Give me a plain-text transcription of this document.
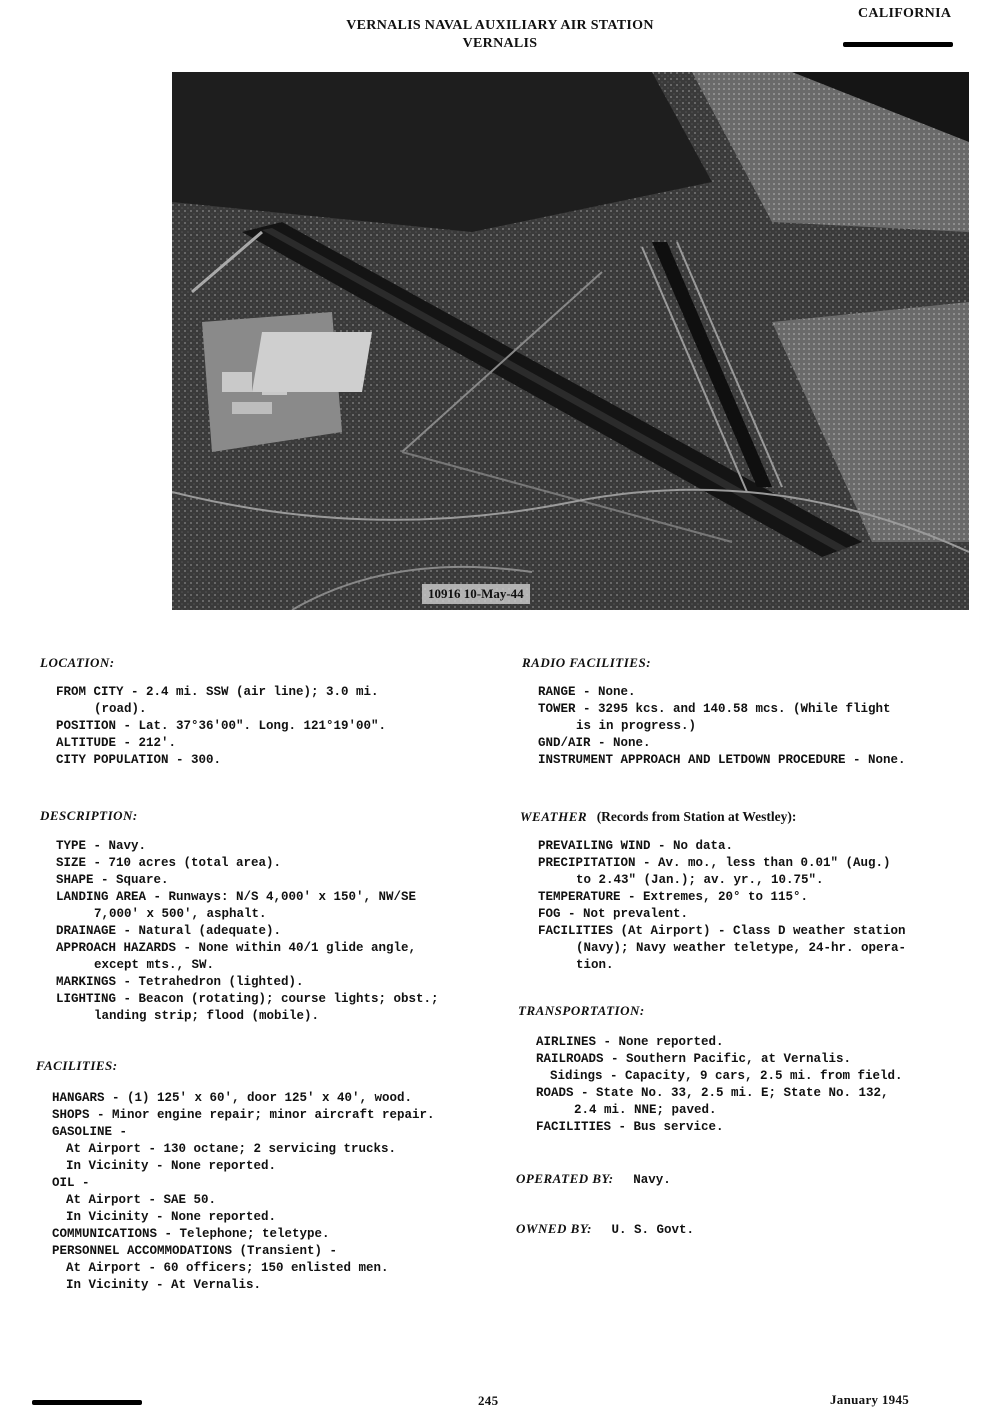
VERNALIS NAVAL AUXILIARY AIR STATION
VERNALIS
CALIFORNIA
10916 10-May-44
LOCATION:
FROM CITY - 2.4 mi. SSW (air line); 3.0 mi.
(road).
POSITION - Lat. 37°36'00". Long. 121°19'00".
ALTITUDE - 212'.
CITY POPULATION - 300.
RADIO FACILITIES:
RANGE - None.
TOWER - 3295 kcs. and 140.58 mcs. (While flight
is in progress.)
GND/AIR - None.
INSTRUMENT APPROACH AND LETDOWN PROCEDURE - None.
DESCRIPTION:
TYPE - Navy.
SIZE - 710 acres (total area).
SHAPE - Square.
LANDING AREA - Runways: N/S 4,000' x 150', NW/SE
7,000' x 500', asphalt.
DRAINAGE - Natural (adequate).
APPROACH HAZARDS - None within 40/1 glide angle,
except mts., SW.
MARKINGS - Tetrahedron (lighted).
LIGHTING - Beacon (rotating); course lights; obst.;
landing strip; flood (mobile).
WEATHER (Records from Station at Westley):
PREVAILING WIND - No data.
PRECIPITATION - Av. mo., less than 0.01" (Aug.)
to 2.43" (Jan.); av. yr., 10.75".
TEMPERATURE - Extremes, 20° to 115°.
FOG - Not prevalent.
FACILITIES (At Airport) - Class D weather station
(Navy); Navy weather teletype, 24-hr. opera-
tion.
FACILITIES:
HANGARS - (1) 125' x 60', door 125' x 40', wood.
SHOPS - Minor engine repair; minor aircraft repair.
GASOLINE -
At Airport - 130 octane; 2 servicing trucks.
In Vicinity - None reported.
OIL -
At Airport - SAE 50.
In Vicinity - None reported.
COMMUNICATIONS - Telephone; teletype.
PERSONNEL ACCOMMODATIONS (Transient) -
At Airport - 60 officers; 150 enlisted men.
In Vicinity - At Vernalis.
TRANSPORTATION:
AIRLINES - None reported.
RAILROADS - Southern Pacific, at Vernalis.
Sidings - Capacity, 9 cars, 2.5 mi. from field.
ROADS - State No. 33, 2.5 mi. E; State No. 132,
2.4 mi. NNE; paved.
FACILITIES - Bus service.
OPERATED BY: Navy.
OWNED BY: U. S. Govt.
245	January 1945
